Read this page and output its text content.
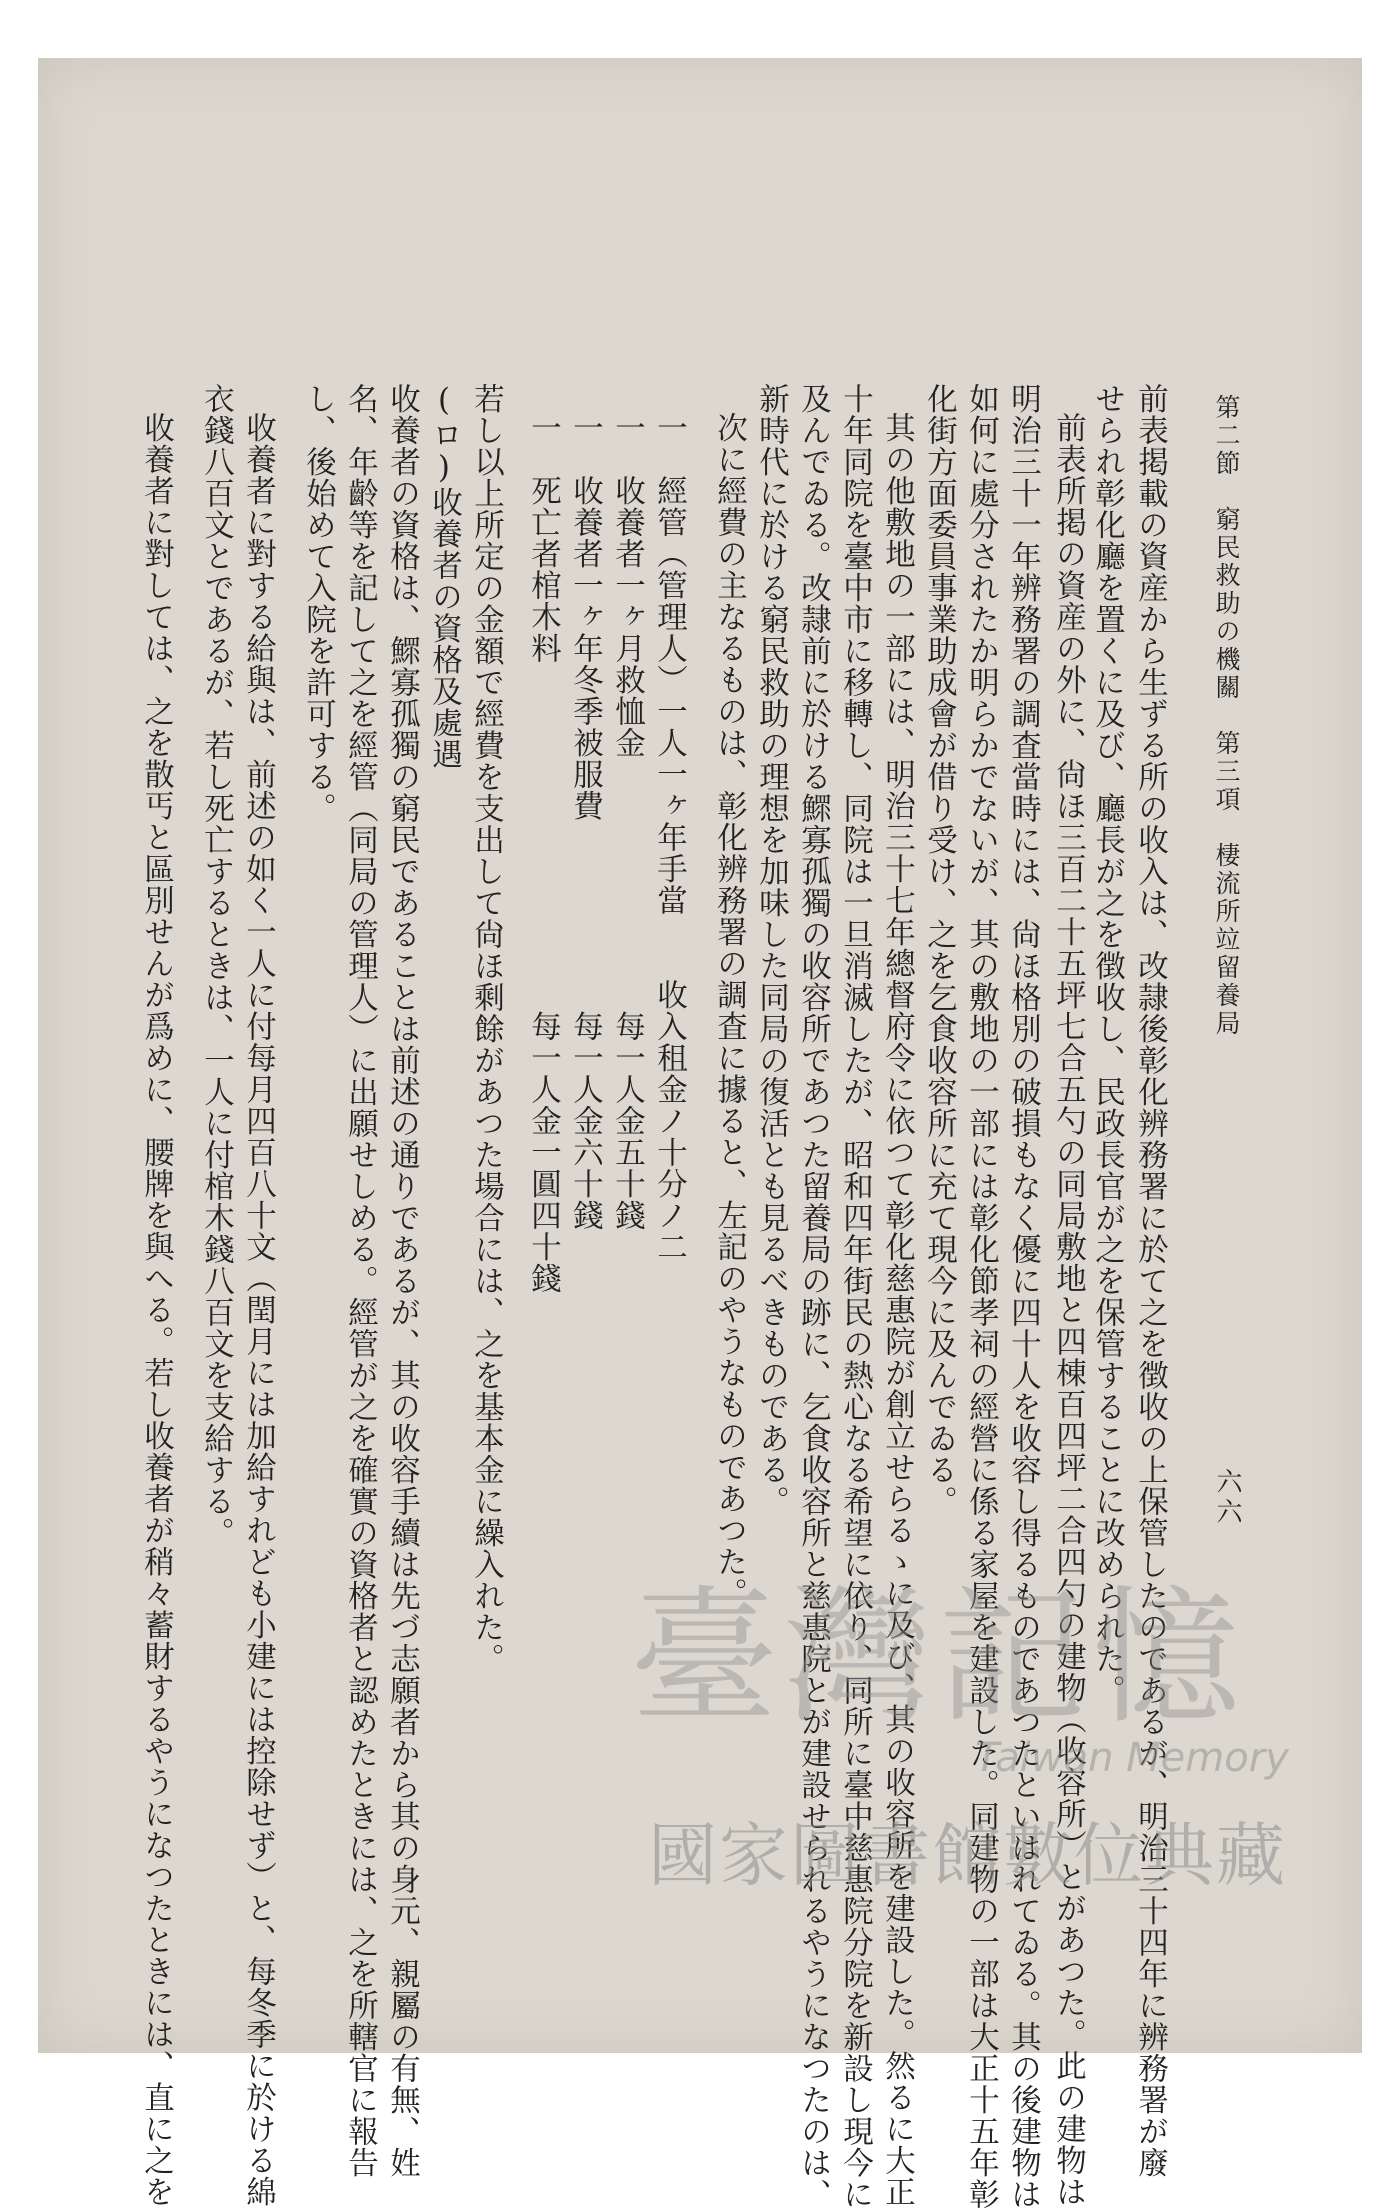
第二節　窮民救助の機關　第三項　棲流所竝留養局
六六
前表掲載の資産から生ずる所の收入は、改隷後彰化辨務署に於て之を徴收の上保管したのであるが、明治三十四年に辨務署が廢
せられ彰化廳を置くに及び、廳長が之を徴收し、民政長官が之を保管することに改められた。
前表所掲の資産の外に、尙ほ三百二十五坪七合五勺の同局敷地と四棟百四坪二合四勺の建物（收容所）とがあつた。此の建物は
明治三十一年辨務署の調査當時には、尙ほ格別の破損もなく優に四十人を收容し得るものであつたといはれてゐる。其の後建物は
如何に處分されたか明らかでないが、其の敷地の一部には彰化節孝祠の經營に係る家屋を建設した。同建物の一部は大正十五年彰
化街方面委員事業助成會が借り受け、之を乞食收容所に充て現今に及んでゐる。
其の他敷地の一部には、明治三十七年總督府令に依つて彰化慈惠院が創立せらるゝに及び、其の收容所を建設した。然るに大正
十年同院を臺中市に移轉し、同院は一旦消滅したが、昭和四年街民の熱心なる希望に依り、同所に臺中慈惠院分院を新設し現今に
及んでゐる。改隷前に於ける鰥寡孤獨の收容所であつた留養局の跡に、乞食收容所と慈惠院とが建設せられるやうになつたのは、
新時代に於ける窮民救助の理想を加味した同局の復活とも見るべきものである。
次に經費の主なるものは、彰化辨務署の調査に據ると、左記のやうなものであつた。
一　經管（管理人）一人一ヶ年手當　　收入租金ノ十分ノ二
一　收養者一ヶ月救恤金　　　　　　　　每一人金五十錢
一　收養者一ヶ年冬季被服費　　　　　　每一人金六十錢
一　死亡者棺木料　　　　　　　　　　　每一人金一圓四十錢
若し以上所定の金額で經費を支出して尙ほ剩餘があつた場合には、之を基本金に繰入れた。
(ロ)收養者の資格及處遇
收養者の資格は、鰥寡孤獨の窮民であることは前述の通りであるが、其の收容手續は先づ志願者から其の身元、親屬の有無、姓
名、年齡等を記して之を經管（同局の管理人）に出願せしめる。經管が之を確實の資格者と認めたときには、之を所轄官に報告
し、後始めて入院を許可する。
收養者に對する給與は、前述の如く一人に付每月四百八十文（閏月には加給すれども小建には控除せず）と、每冬季に於ける綿
衣錢八百文とであるが、若し死亡するときは、一人に付棺木錢八百文を支給する。
收養者に對しては、之を散丐と區別せんが爲めに、腰牌を與へる。若し收養者が稍々蓄財するやうになつたときには、直に之を	臺灣記憶
Taiwan Memory
國家圖書館數位典藏
